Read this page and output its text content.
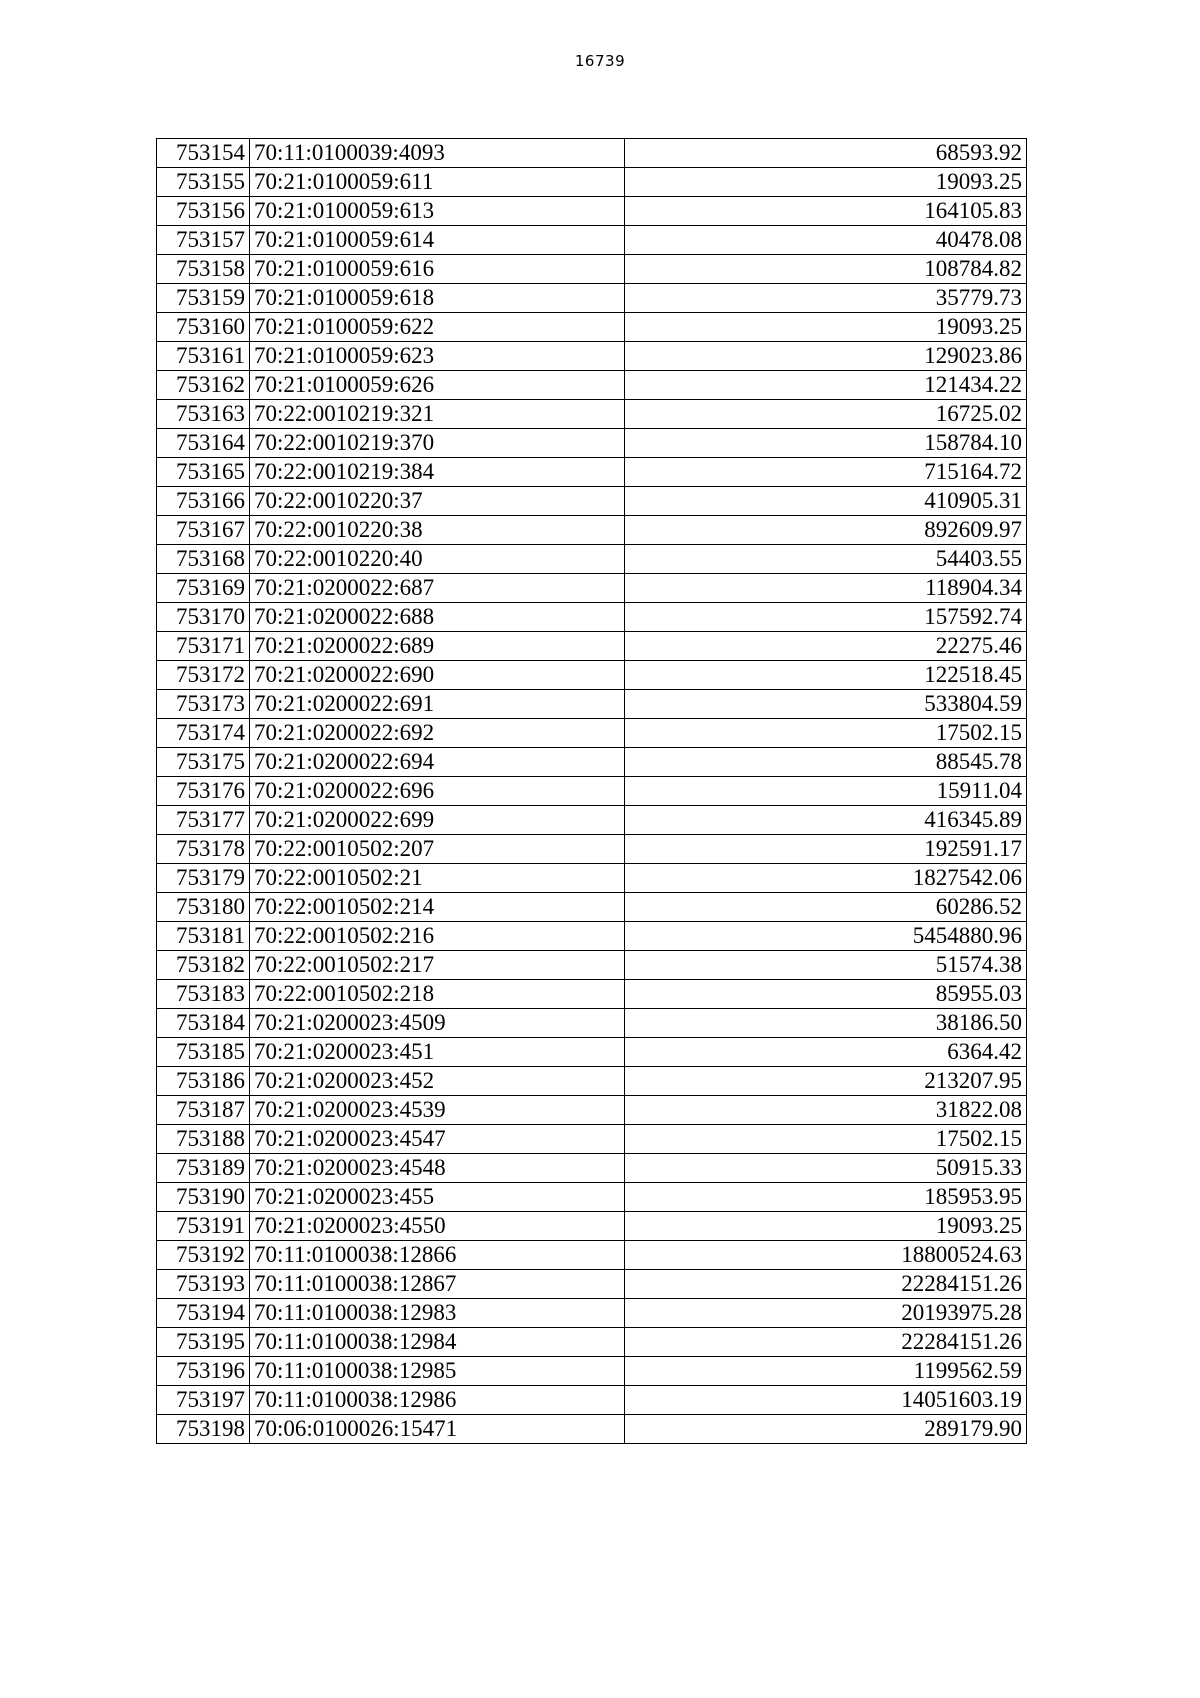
16739
753154	70:11:0100039:4093	68593.92
753155	70:21:0100059:611	19093.25
753156	70:21:0100059:613	164105.83
753157	70:21:0100059:614	40478.08
753158	70:21:0100059:616	108784.82
753159	70:21:0100059:618	35779.73
753160	70:21:0100059:622	19093.25
753161	70:21:0100059:623	129023.86
753162	70:21:0100059:626	121434.22
753163	70:22:0010219:321	16725.02
753164	70:22:0010219:370	158784.10
753165	70:22:0010219:384	715164.72
753166	70:22:0010220:37	410905.31
753167	70:22:0010220:38	892609.97
753168	70:22:0010220:40	54403.55
753169	70:21:0200022:687	118904.34
753170	70:21:0200022:688	157592.74
753171	70:21:0200022:689	22275.46
753172	70:21:0200022:690	122518.45
753173	70:21:0200022:691	533804.59
753174	70:21:0200022:692	17502.15
753175	70:21:0200022:694	88545.78
753176	70:21:0200022:696	15911.04
753177	70:21:0200022:699	416345.89
753178	70:22:0010502:207	192591.17
753179	70:22:0010502:21	1827542.06
753180	70:22:0010502:214	60286.52
753181	70:22:0010502:216	5454880.96
753182	70:22:0010502:217	51574.38
753183	70:22:0010502:218	85955.03
753184	70:21:0200023:4509	38186.50
753185	70:21:0200023:451	6364.42
753186	70:21:0200023:452	213207.95
753187	70:21:0200023:4539	31822.08
753188	70:21:0200023:4547	17502.15
753189	70:21:0200023:4548	50915.33
753190	70:21:0200023:455	185953.95
753191	70:21:0200023:4550	19093.25
753192	70:11:0100038:12866	18800524.63
753193	70:11:0100038:12867	22284151.26
753194	70:11:0100038:12983	20193975.28
753195	70:11:0100038:12984	22284151.26
753196	70:11:0100038:12985	1199562.59
753197	70:11:0100038:12986	14051603.19
753198	70:06:0100026:15471	289179.90
